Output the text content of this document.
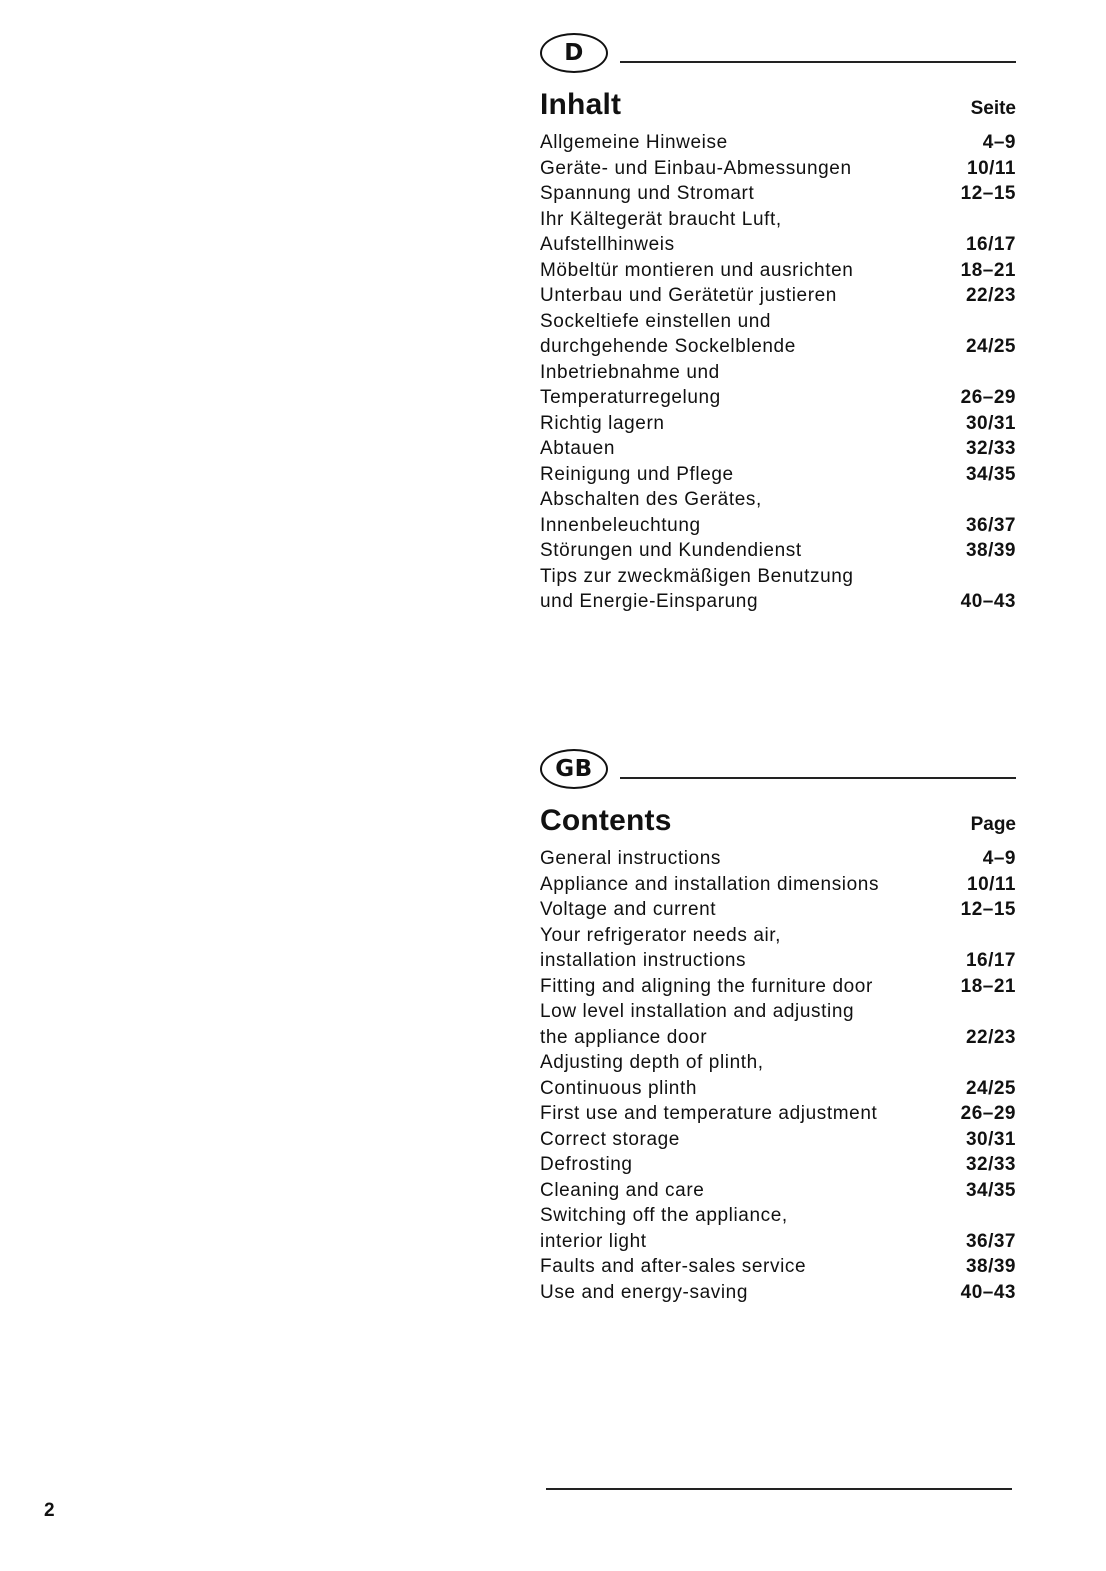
D
Inhalt	Seite
Allgemeine Hinweise	4–9
Geräte- und Einbau-Abmessungen	10/11
Spannung und Stromart	12–15
Ihr Kältegerät braucht Luft,
Aufstellhinweis	16/17
Möbeltür montieren und ausrichten	18–21
Unterbau und Gerätetür justieren	22/23
Sockeltiefe einstellen und
durchgehende Sockelblende	24/25
Inbetriebnahme und
Temperaturregelung	26–29
Richtig lagern	30/31
Abtauen	32/33
Reinigung und Pflege	34/35
Abschalten des Gerätes,
Innenbeleuchtung	36/37
Störungen und Kundendienst	38/39
Tips zur zweckmäßigen Benutzung
und Energie-Einsparung	40–43
GB
Contents	Page
General instructions	4–9
Appliance and installation dimensions	10/11
Voltage and current	12–15
Your refrigerator needs air,
installation instructions	16/17
Fitting and aligning the furniture door	18–21
Low level installation and adjusting
the appliance door	22/23
Adjusting depth of plinth,
Continuous plinth	24/25
First use and temperature adjustment	26–29
Correct storage	30/31
Defrosting	32/33
Cleaning and care	34/35
Switching off the appliance,
interior light	36/37
Faults and after-sales service	38/39
Use and energy-saving	40–43
2
